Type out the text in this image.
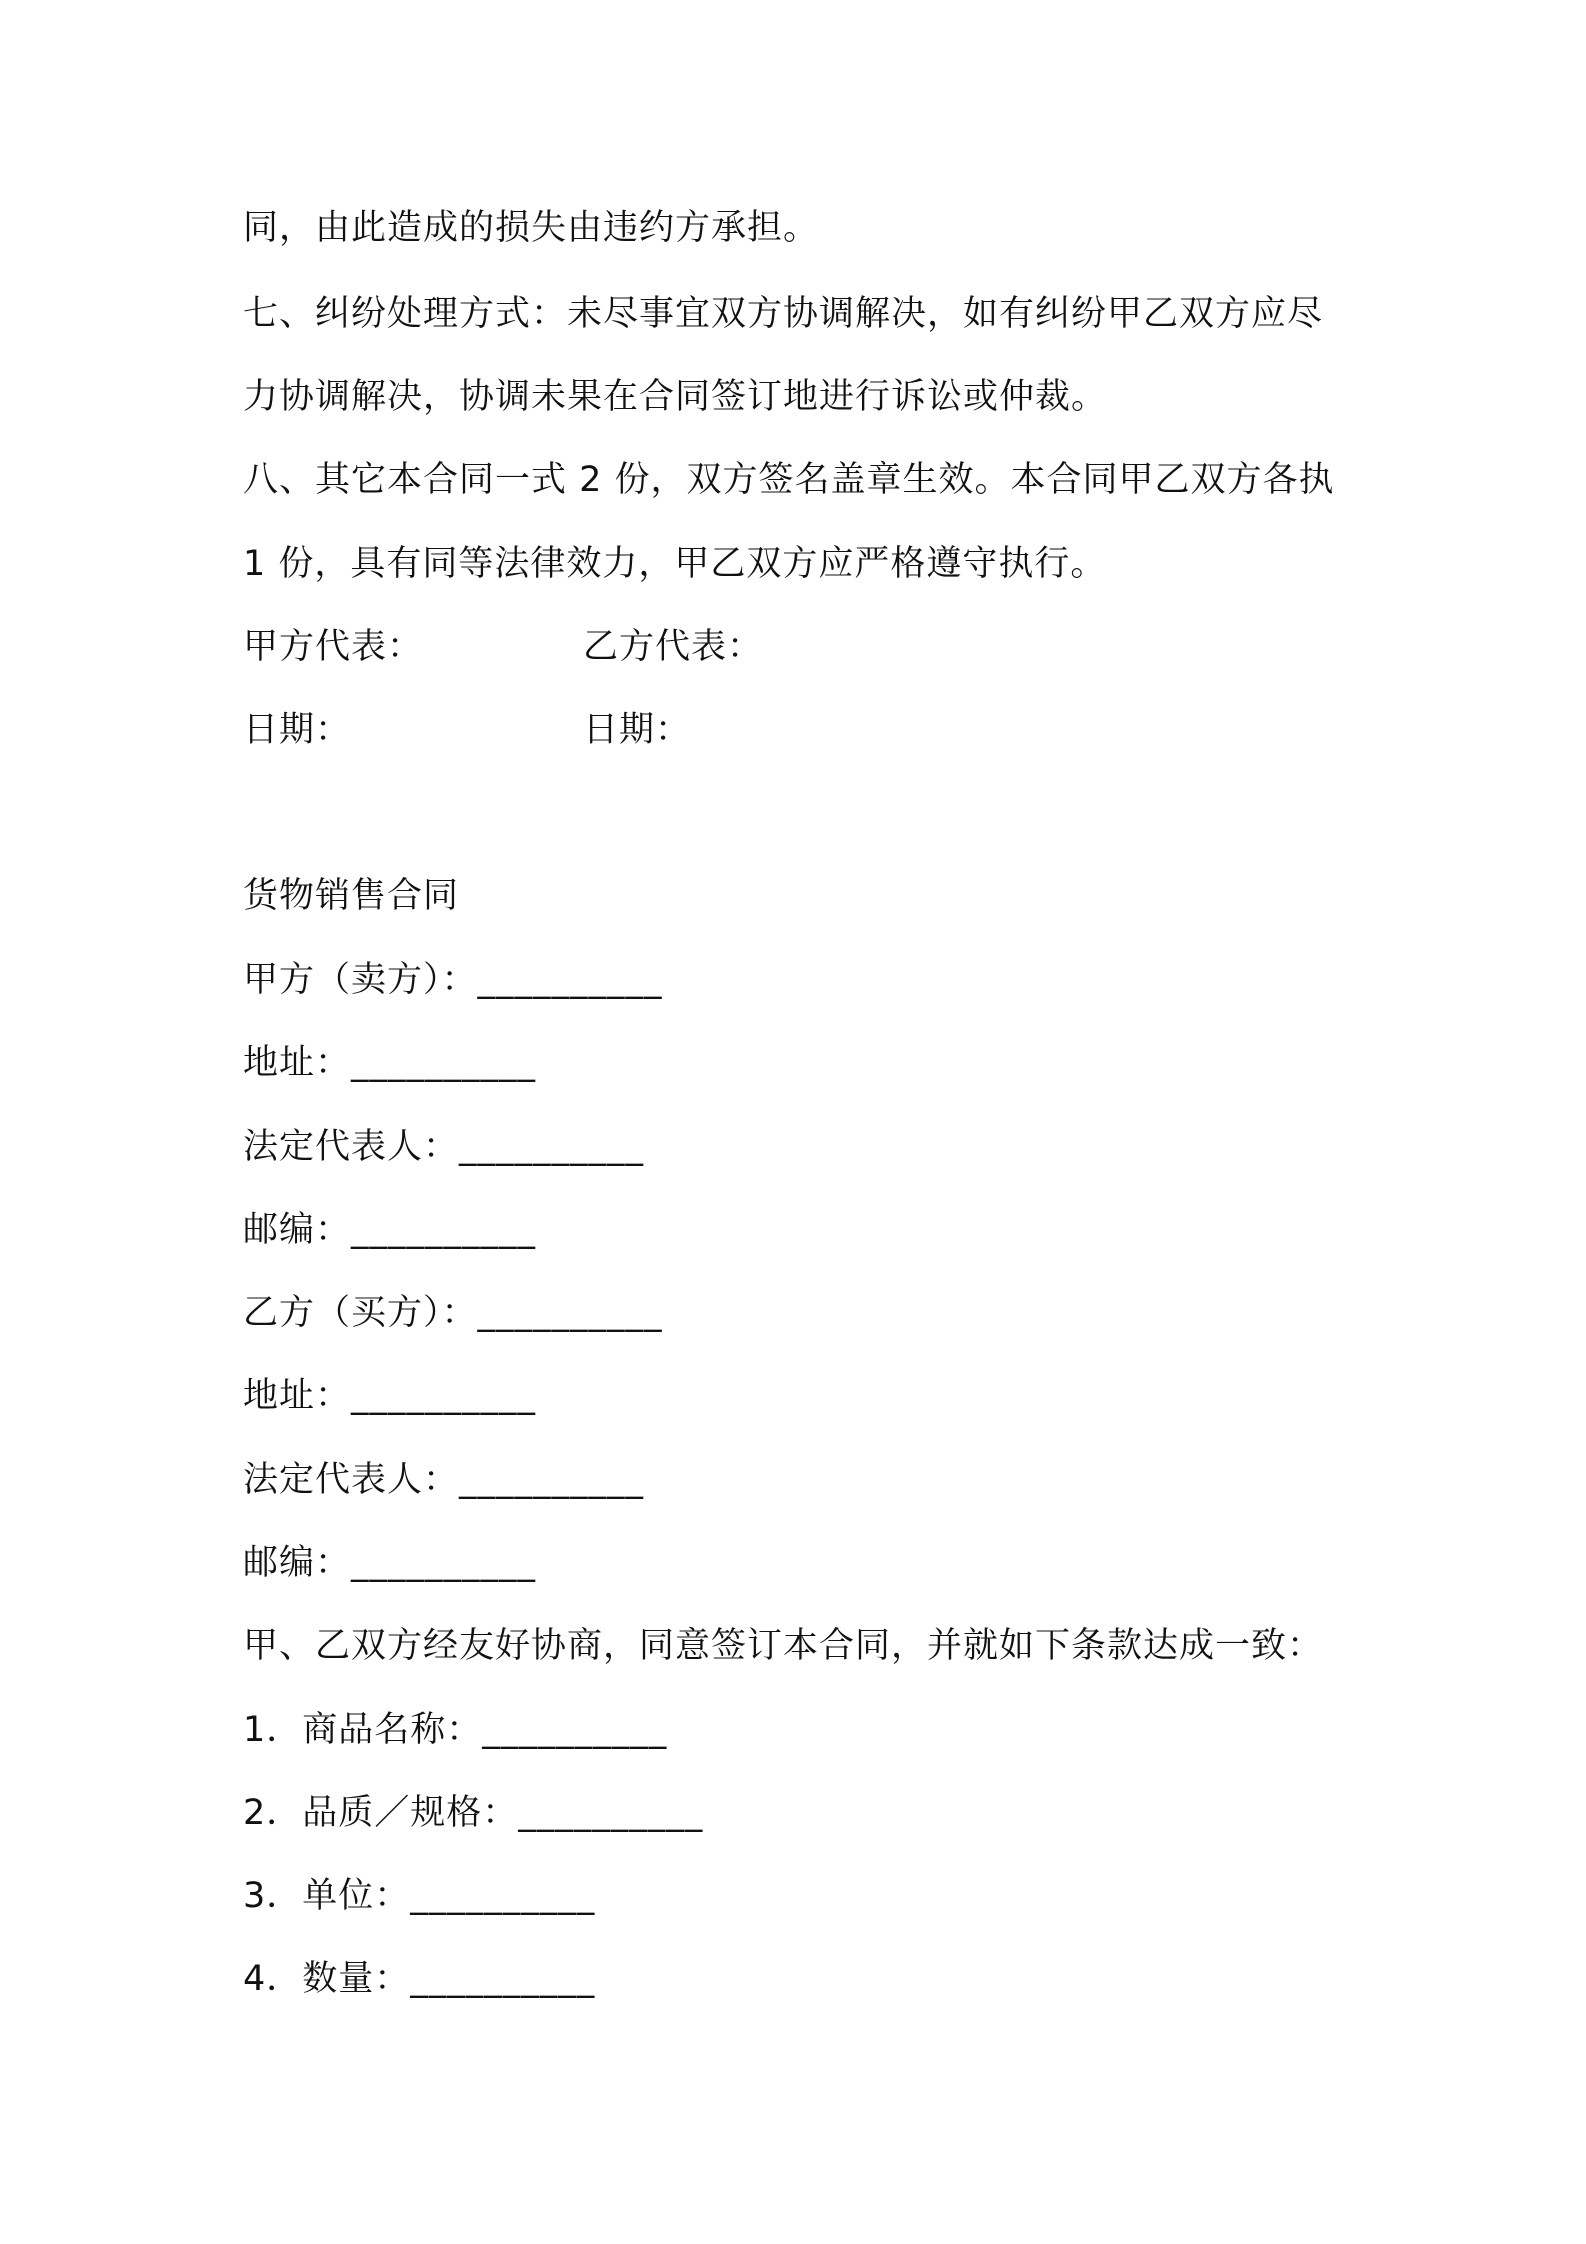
同，由此造成的损失由违约方承担。
七、纠纷处理方式：未尽事宜双方协调解决，如有纠纷甲乙双方应尽
力协调解决，协调未果在合同签订地进行诉讼或仲裁。
八、其它本合同一式 2 份，双方签名盖章生效。本合同甲乙双方各执
1 份，具有同等法律效力，甲乙双方应严格遵守执行。
甲方代表：	乙方代表：
日期：	日期：
货物销售合同
甲方（卖方）：__________
地址：__________
法定代表人：__________
邮编：__________
乙方（买方）：__________
地址：__________
法定代表人：__________
邮编：__________
甲、乙双方经友好协商，同意签订本合同，并就如下条款达成一致：
1．商品名称：__________
2．品质／规格：__________
3．单位：__________
4．数量：__________
